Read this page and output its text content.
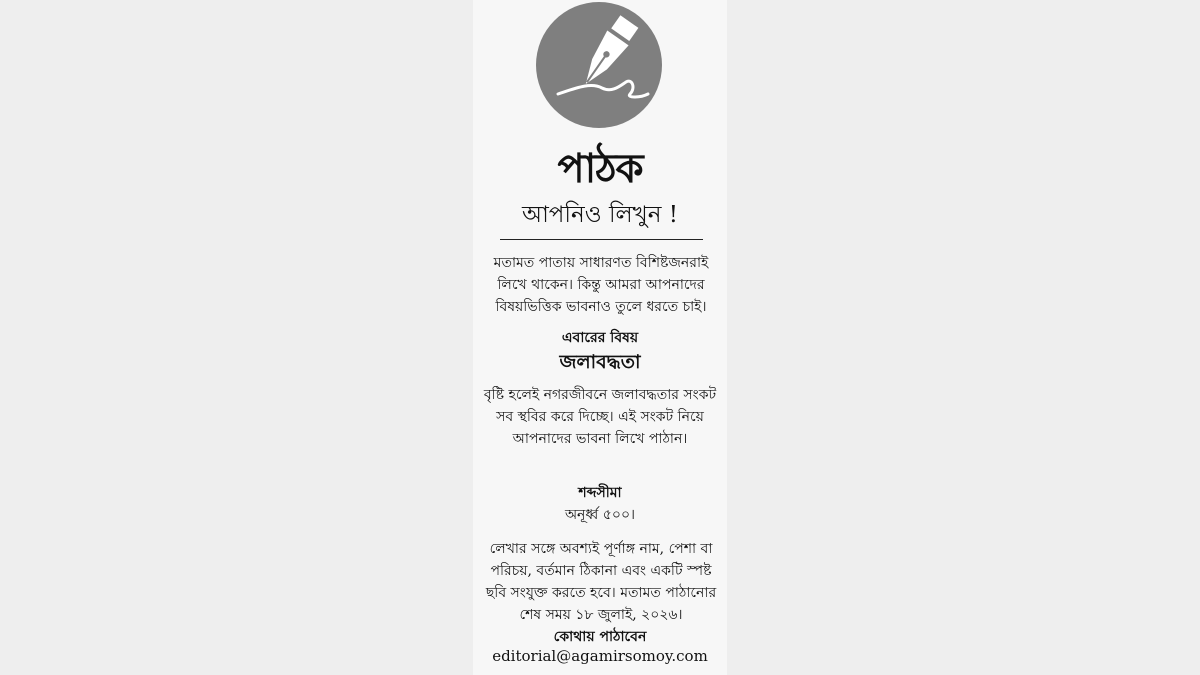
পাঠক
আপনিও লিখুন !
মতামত পাতায় সাধারণত বিশিষ্টজনরাই লিখে থাকেন। কিন্তু আমরা আপনাদের বিষয়ভিত্তিক ভাবনাও তুলে ধরতে চাই।
এবারের বিষয়
জলাবদ্ধতা
বৃষ্টি হলেই নগরজীবনে জলাবদ্ধতার সংকট সব স্থবির করে দিচ্ছে। এই সংকট নিয়ে আপনাদের ভাবনা লিখে পাঠান।
শব্দসীমা
অনূর্ধ্ব ৫০০।
লেখার সঙ্গে অবশ্যই পূর্ণাঙ্গ নাম, পেশা বা পরিচয়, বর্তমান ঠিকানা এবং একটি স্পষ্ট ছবি সংযুক্ত করতে হবে। মতামত পাঠানোর শেষ সময় ১৮ জুলাই, ২০২৬।
কোথায় পাঠাবেন
editorial@agamirsomoy.com
